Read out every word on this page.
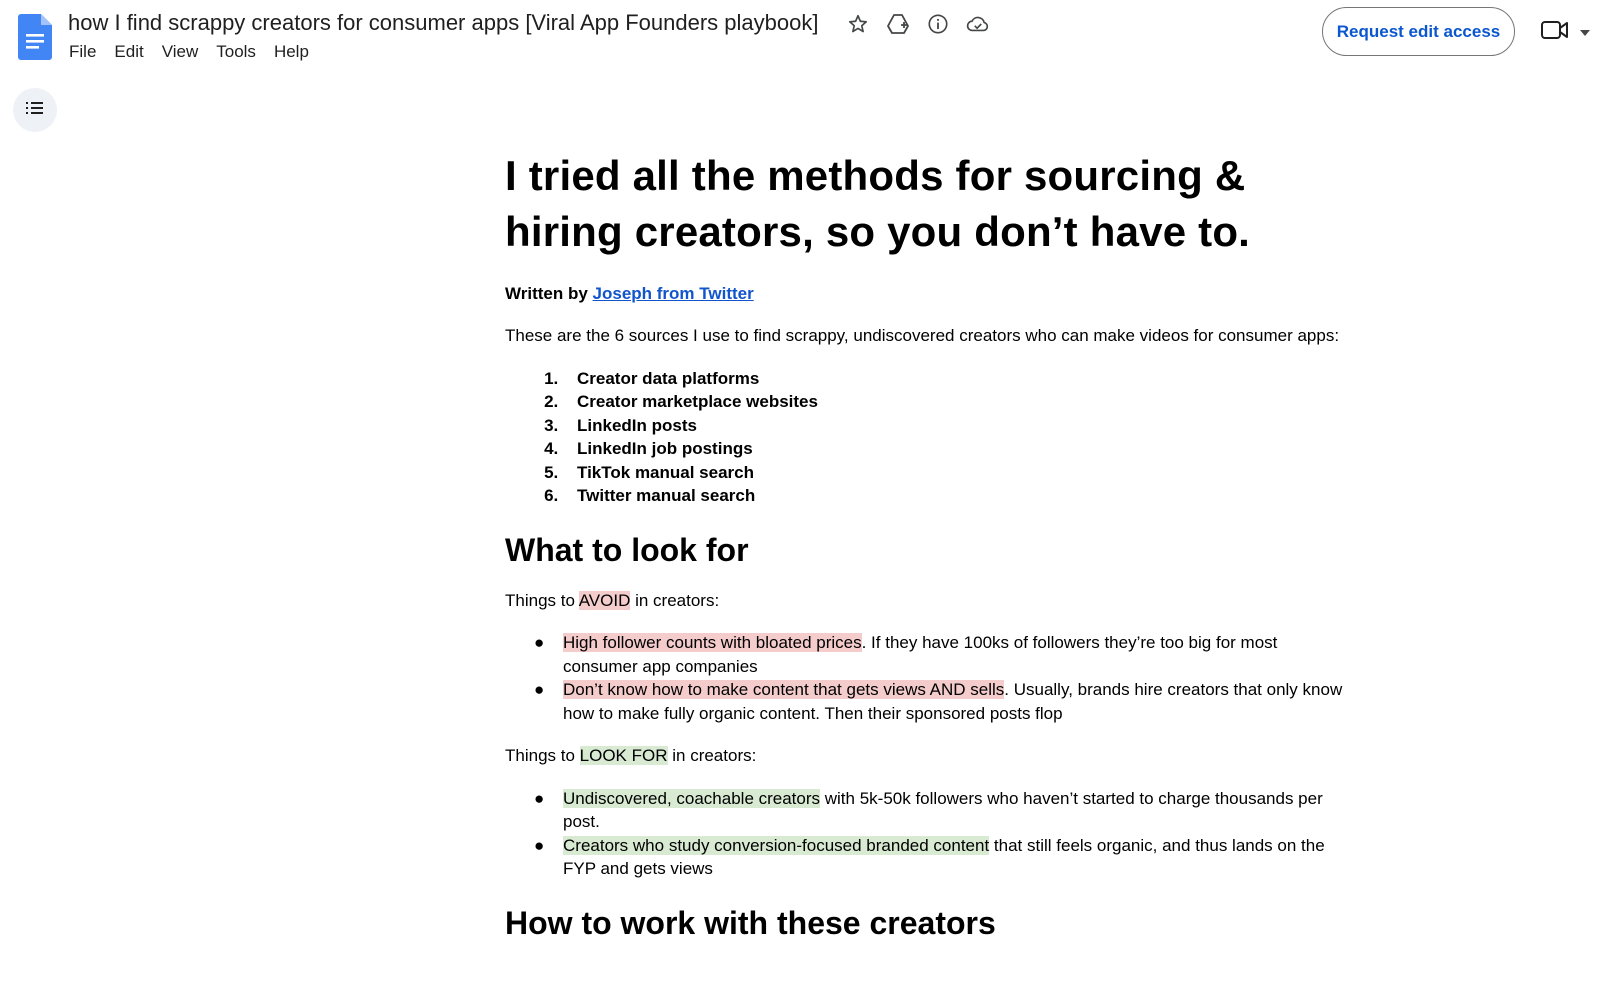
how I find scrappy creators for consumer apps [Viral App Founders playbook]
File	Edit	View	Tools	Help
Request edit access
I tried all the methods for sourcing & hiring creators, so you don’t have to.
Written by Joseph from Twitter

These are the 6 sources I use to find scrappy, undiscovered creators who can make videos for consumer apps:

1. Creator data platforms
2. Creator marketplace websites
3. LinkedIn posts
4. LinkedIn job postings
5. TikTok manual search
6. Twitter manual search
What to look for

Things to AVOID in creators:

● High follower counts with bloated prices. If they have 100ks of followers they’re too big for most consumer app companies
● Don’t know how to make content that gets views AND sells. Usually, brands hire creators that only know how to make fully organic content. Then their sponsored posts flop

Things to LOOK FOR in creators:

● Undiscovered, coachable creators with 5k-50k followers who haven’t started to charge thousands per post.
● Creators who study conversion-focused branded content that still feels organic, and thus lands on the FYP and gets views
How to work with these creators
